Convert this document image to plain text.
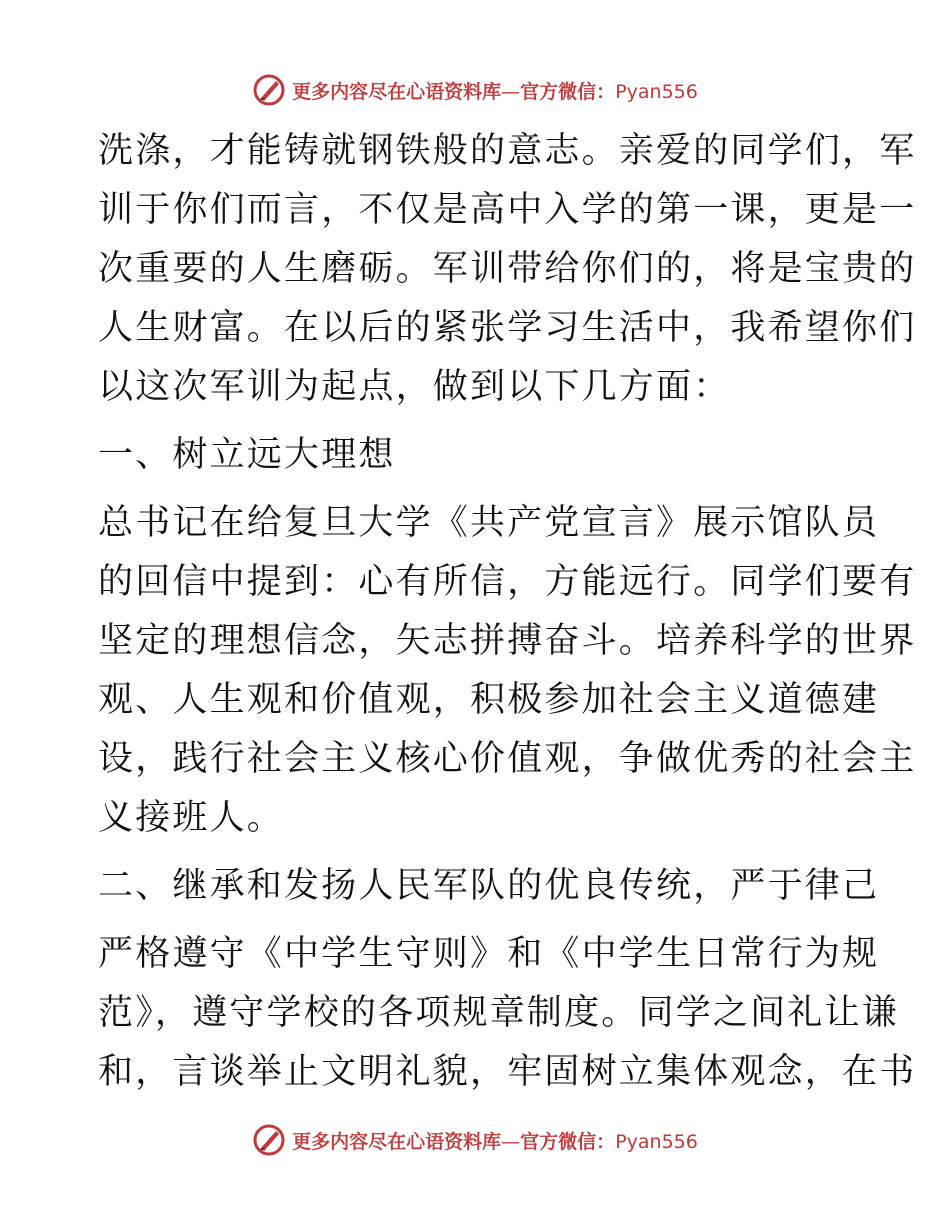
更多内容尽在心语资料库—官方微信：Pyan556
洗涤，才能铸就钢铁般的意志。亲爱的同学们，军
训于你们而言，不仅是高中入学的第一课，更是一
次重要的人生磨砺。军训带给你们的，将是宝贵的
人生财富。在以后的紧张学习生活中，我希望你们
以这次军训为起点，做到以下几方面：
一、树立远大理想
总书记在给复旦大学《共产党宣言》展示馆队员
的回信中提到：心有所信，方能远行。同学们要有
坚定的理想信念，矢志拼搏奋斗。培养科学的世界
观、人生观和价值观，积极参加社会主义道德建
设，践行社会主义核心价值观，争做优秀的社会主
义接班人。
二、继承和发扬人民军队的优良传统，严于律己
严格遵守《中学生守则》和《中学生日常行为规
范》，遵守学校的各项规章制度。同学之间礼让谦
和，言谈举止文明礼貌，牢固树立集体观念，在书
更多内容尽在心语资料库—官方微信：Pyan556
